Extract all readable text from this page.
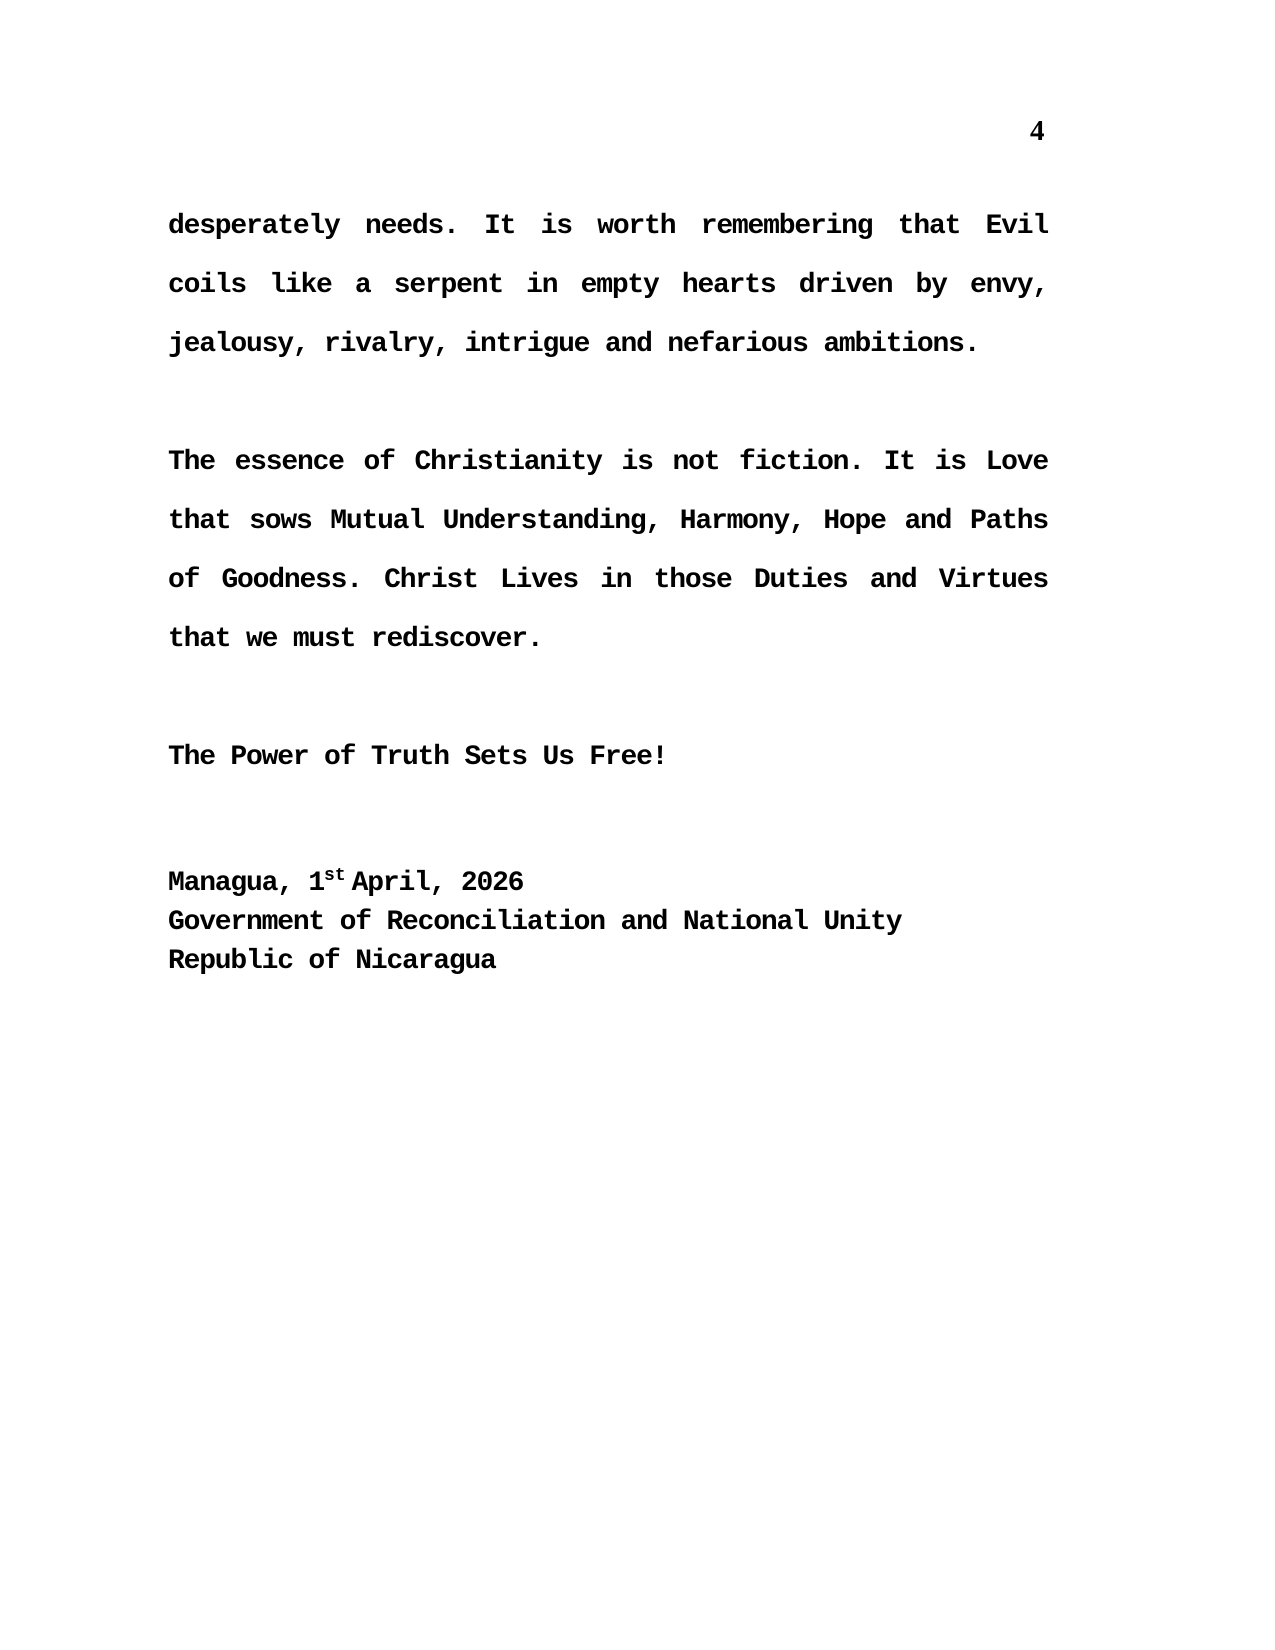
4

desperately needs. It is worth remembering that Evil coils like a serpent in empty hearts driven by envy, jealousy, rivalry, intrigue and nefarious ambitions.

The essence of Christianity is not fiction. It is Love that sows Mutual Understanding, Harmony, Hope and Paths of Goodness. Christ Lives in those Duties and Virtues that we must rediscover.

The Power of Truth Sets Us Free!

Managua, 1st April, 2026
Government of Reconciliation and National Unity
Republic of Nicaragua
